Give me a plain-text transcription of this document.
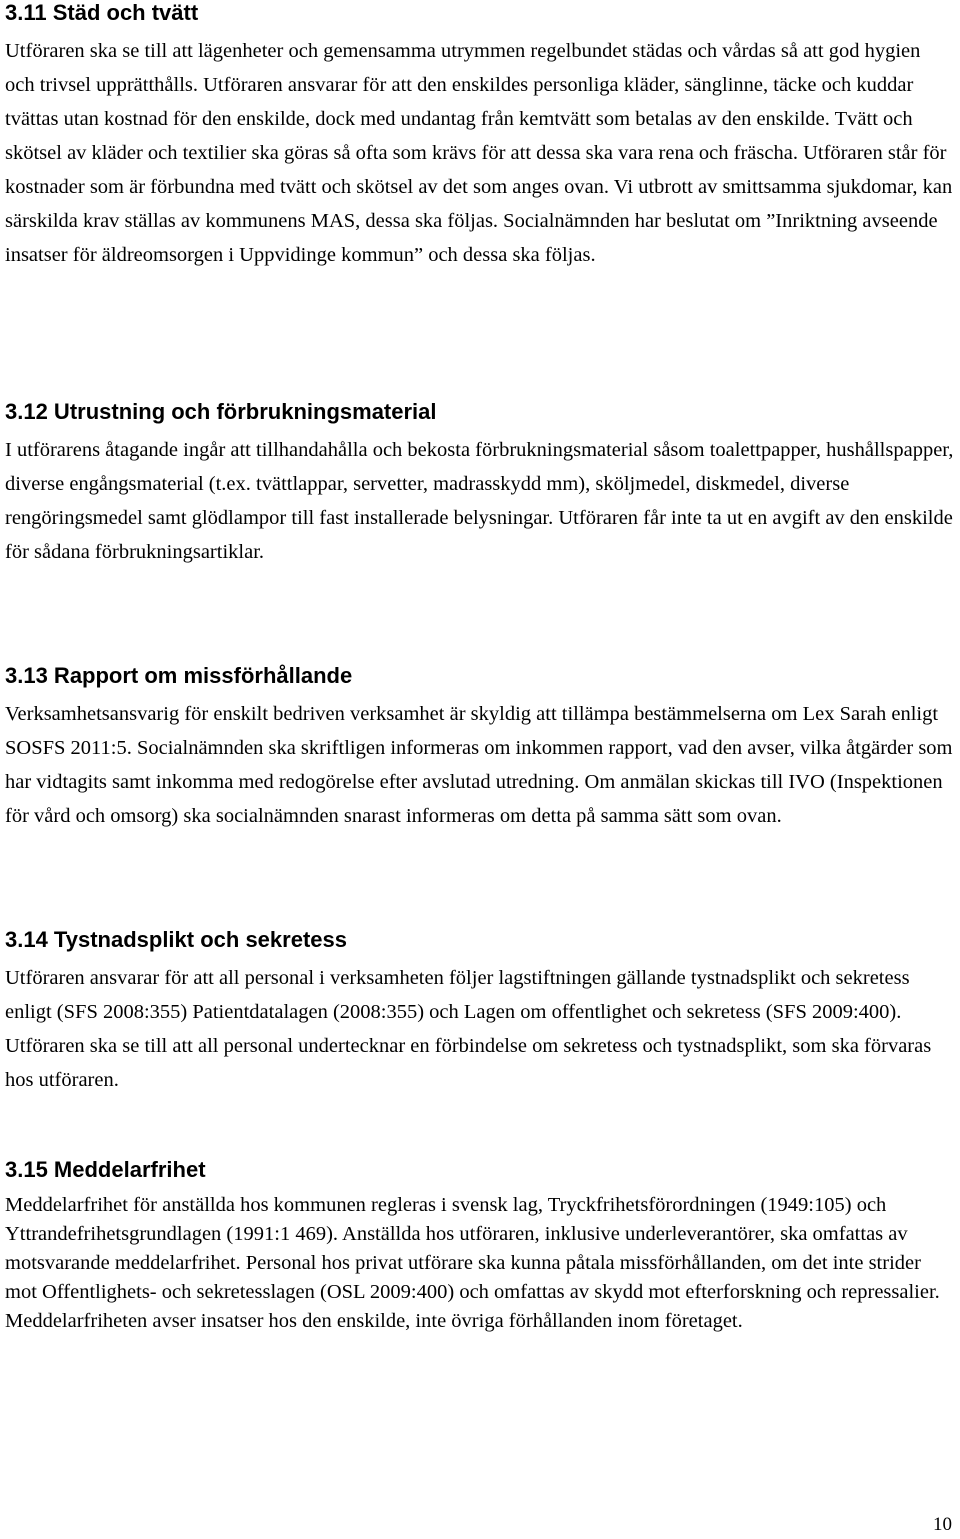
3.11 Städ och tvätt

Utföraren ska se till att lägenheter och gemensamma utrymmen regelbundet städas och vårdas så att god hygien och trivsel upprätthålls. Utföraren ansvarar för att den enskildes personliga kläder, sänglinne, täcke och kuddar tvättas utan kostnad för den enskilde, dock med undantag från kemtvätt som betalas av den enskilde. Tvätt och skötsel av kläder och textilier ska göras så ofta som krävs för att dessa ska vara rena och fräscha. Utföraren står för kostnader som är förbundna med tvätt och skötsel av det som anges ovan. Vi utbrott av smittsamma sjukdomar, kan särskilda krav ställas av kommunens MAS, dessa ska följas. Socialnämnden har beslutat om ”Inriktning avseende insatser för äldreomsorgen i Uppvidinge kommun” och dessa ska följas.

3.12 Utrustning och förbrukningsmaterial

I utförarens åtagande ingår att tillhandahålla och bekosta förbrukningsmaterial såsom toalettpapper, hushållspapper, diverse engångsmaterial (t.ex. tvättlappar, servetter, madrasskydd mm), sköljmedel, diskmedel, diverse rengöringsmedel samt glödlampor till fast installerade belysningar. Utföraren får inte ta ut en avgift av den enskilde för sådana förbrukningsartiklar.

3.13 Rapport om missförhållande

Verksamhetsansvarig för enskilt bedriven verksamhet är skyldig att tillämpa bestämmelserna om Lex Sarah enligt SOSFS 2011:5. Socialnämnden ska skriftligen informeras om inkommen rapport, vad den avser, vilka åtgärder som har vidtagits samt inkomma med redogörelse efter avslutad utredning. Om anmälan skickas till IVO (Inspektionen för vård och omsorg) ska socialnämnden snarast informeras om detta på samma sätt som ovan.

3.14 Tystnadsplikt och sekretess

Utföraren ansvarar för att all personal i verksamheten följer lagstiftningen gällande tystnadsplikt och sekretess enligt (SFS 2008:355) Patientdatalagen (2008:355) och Lagen om offentlighet och sekretess (SFS 2009:400). Utföraren ska se till att all personal undertecknar en förbindelse om sekretess och tystnadsplikt, som ska förvaras hos utföraren.

3.15 Meddelarfrihet

Meddelarfrihet för anställda hos kommunen regleras i svensk lag, Tryckfrihetsförordningen (1949:105) och Yttrandefrihetsgrundlagen (1991:1 469). Anställda hos utföraren, inklusive underleverantörer, ska omfattas av motsvarande meddelarfrihet. Personal hos privat utförare ska kunna påtala missförhållanden, om det inte strider mot Offentlighets- och sekretesslagen (OSL 2009:400) och omfattas av skydd mot efterforskning och repressalier. Meddelarfriheten avser insatser hos den enskilde, inte övriga förhållanden inom företaget.

10
